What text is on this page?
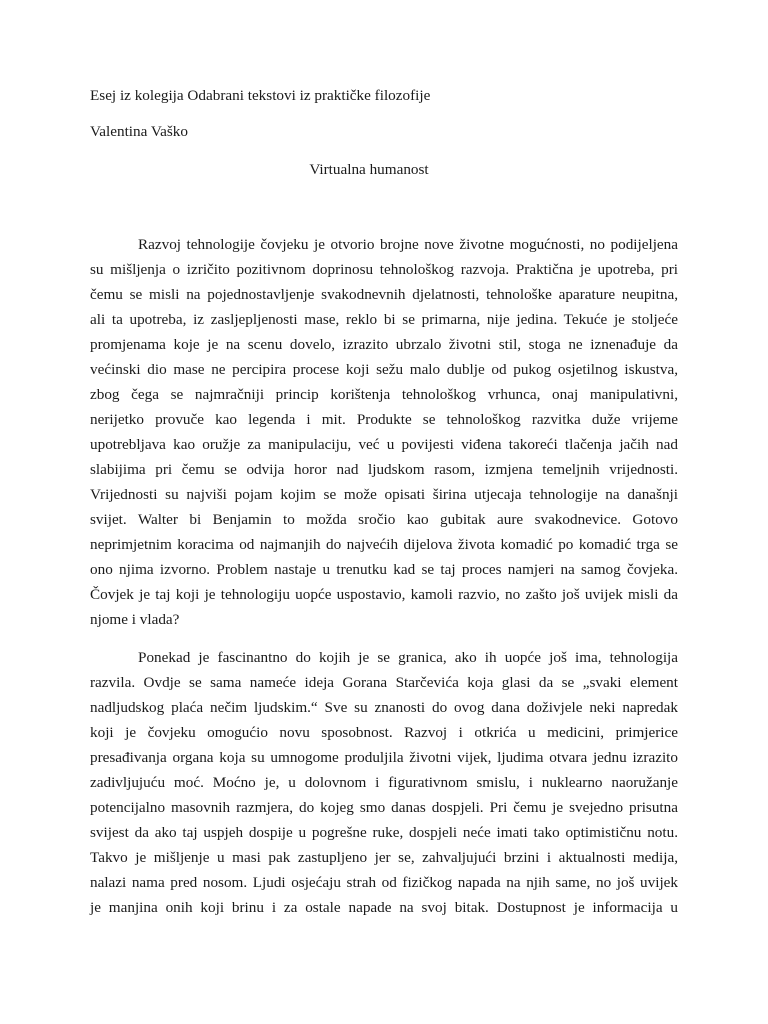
Esej iz kolegija Odabrani tekstovi iz praktičke filozofije
Valentina Vaško
Virtualna humanost
Razvoj tehnologije čovjeku je otvorio brojne nove životne mogućnosti, no podijeljena
su mišljenja o izričito pozitivnom doprinosu tehnološkog razvoja. Praktična je upotreba, pri
čemu se misli na pojednostavljenje svakodnevnih djelatnosti, tehnološke aparature neupitna,
ali ta upotreba, iz zasljepljenosti mase, reklo bi se primarna, nije jedina. Tekuće je stoljeće
promjenama koje je na scenu dovelo, izrazito ubrzalo životni stil, stoga ne iznenađuje da
većinski dio mase ne percipira procese koji sežu malo dublje od pukog osjetilnog iskustva,
zbog čega se najmračniji princip korištenja tehnološkog vrhunca, onaj manipulativni,
nerijetko provuče kao legenda i mit. Produkte se tehnološkog razvitka duže vrijeme
upotrebljava kao oružje za manipulaciju, već u povijesti viđena takoreći tlačenja jačih nad
slabijima pri čemu se odvija horor nad ljudskom rasom, izmjena temeljnih vrijednosti.
Vrijednosti su najviši pojam kojim se može opisati širina utjecaja tehnologije na današnji
svijet. Walter bi Benjamin to možda sročio kao gubitak aure svakodnevice. Gotovo
neprimjetnim koracima od najmanjih do najvećih dijelova života komadić po komadić trga se
ono njima izvorno. Problem nastaje u trenutku kad se taj proces namjeri na samog čovjeka.
Čovjek je taj koji je tehnologiju uopće uspostavio, kamoli razvio, no zašto još uvijek misli da
njome i vlada?
Ponekad je fascinantno do kojih je se granica, ako ih uopće još ima, tehnologija
razvila. Ovdje se sama nameće ideja Gorana Starčevića koja glasi da se „svaki element
nadljudskog plaća nečim ljudskim.“ Sve su znanosti do ovog dana doživjele neki napredak
koji je čovjeku omogućio novu sposobnost. Razvoj i otkrića u medicini, primjerice
presađivanja organa koja su umnogome produljila životni vijek, ljudima otvara jednu izrazito
zadivljujuću moć. Moćno je, u dolovnom i figurativnom smislu, i nuklearno naoružanje
potencijalno masovnih razmjera, do kojeg smo danas dospjeli. Pri čemu je svejedno prisutna
svijest da ako taj uspjeh dospije u pogrešne ruke, dospjeli neće imati tako optimističnu notu.
Takvo je mišljenje u masi pak zastupljeno jer se, zahvaljujući brzini i aktualnosti medija,
nalazi nama pred nosom. Ljudi osjećaju strah od fizičkog napada na njih same, no još uvijek
je manjina onih koji brinu i za ostale napade na svoj bitak. Dostupnost je informacija u
